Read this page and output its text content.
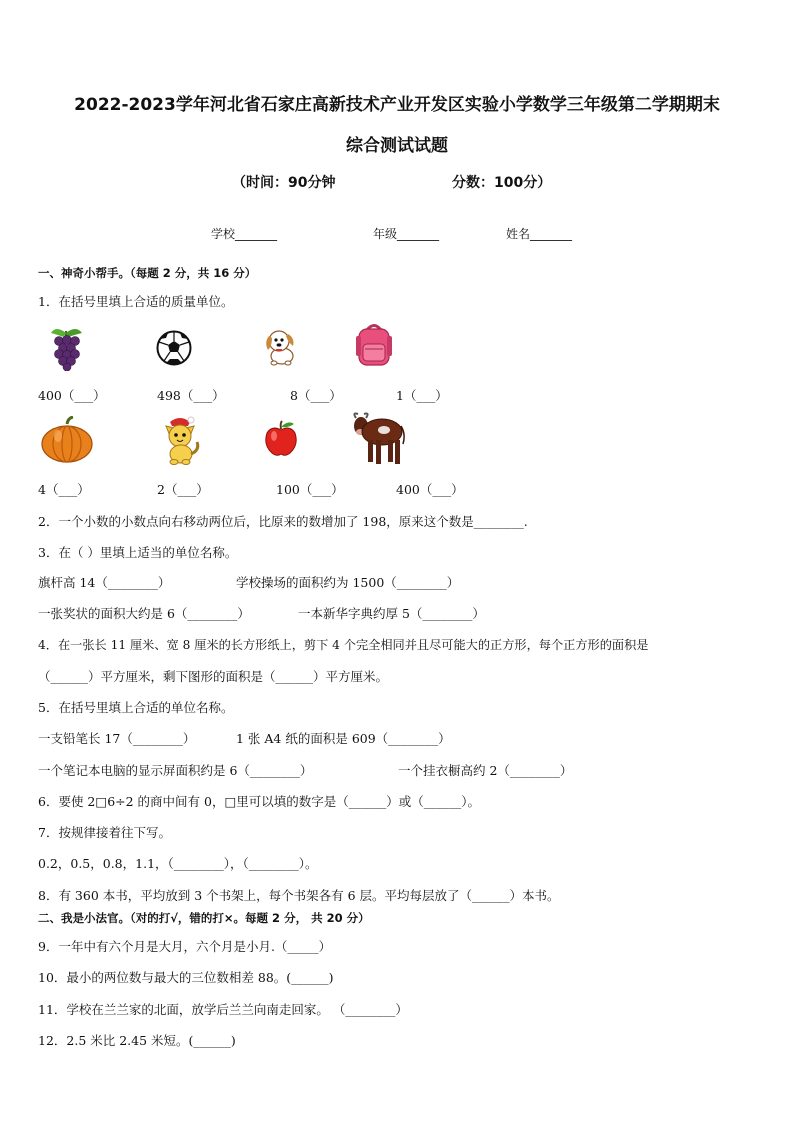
2022-2023学年河北省石家庄高新技术产业开发区实验小学数学三年级第二学期期末
综合测试试题
（时间：90分钟	分数：100分）
学校_______	年级_______	姓名_______
一、神奇小帮手。（每题 2 分，共 16 分）
1．在括号里填上合适的质量单位。
400（___）	498（___）	8（___）	1（___）
4（___）	2（___）	100（___）	400（___）
2．一个小数的小数点向右移动两位后，比原来的数增加了 198，原来这个数是________.
3．在（ ）里填上适当的单位名称。
旗杆高 14（________）	学校操场的面积约为 1500（________）
一张奖状的面积大约是 6（________）	一本新华字典约厚 5（________）
4．在一张长 11 厘米、宽 8 厘米的长方形纸上，剪下 4 个完全相同并且尽可能大的正方形，每个正方形的面积是
（______）平方厘米，剩下图形的面积是（______）平方厘米。
5．在括号里填上合适的单位名称。
一支铅笔长 17（________）	1 张 A4 纸的面积是 609（________）
一个笔记本电脑的显示屏面积约是 6（________）	一个挂衣橱高约 2（________）
6．要使 2□6÷2 的商中间有 0，□里可以填的数字是（______）或（______）。
7．按规律接着往下写。
0.2，0.5，0.8，1.1，（________），（________）。
8．有 360 本书，平均放到 3 个书架上，每个书架各有 6 层。平均每层放了（______）本书。
二、我是小法官。（对的打√，错的打×。每题 2 分， 共 20 分）
9．一年中有六个月是大月，六个月是小月.（_____）
10．最小的两位数与最大的三位数相差 88。(______)
11．学校在兰兰家的北面，放学后兰兰向南走回家。 （________）
12．2.5 米比 2.45 米短。(______)
